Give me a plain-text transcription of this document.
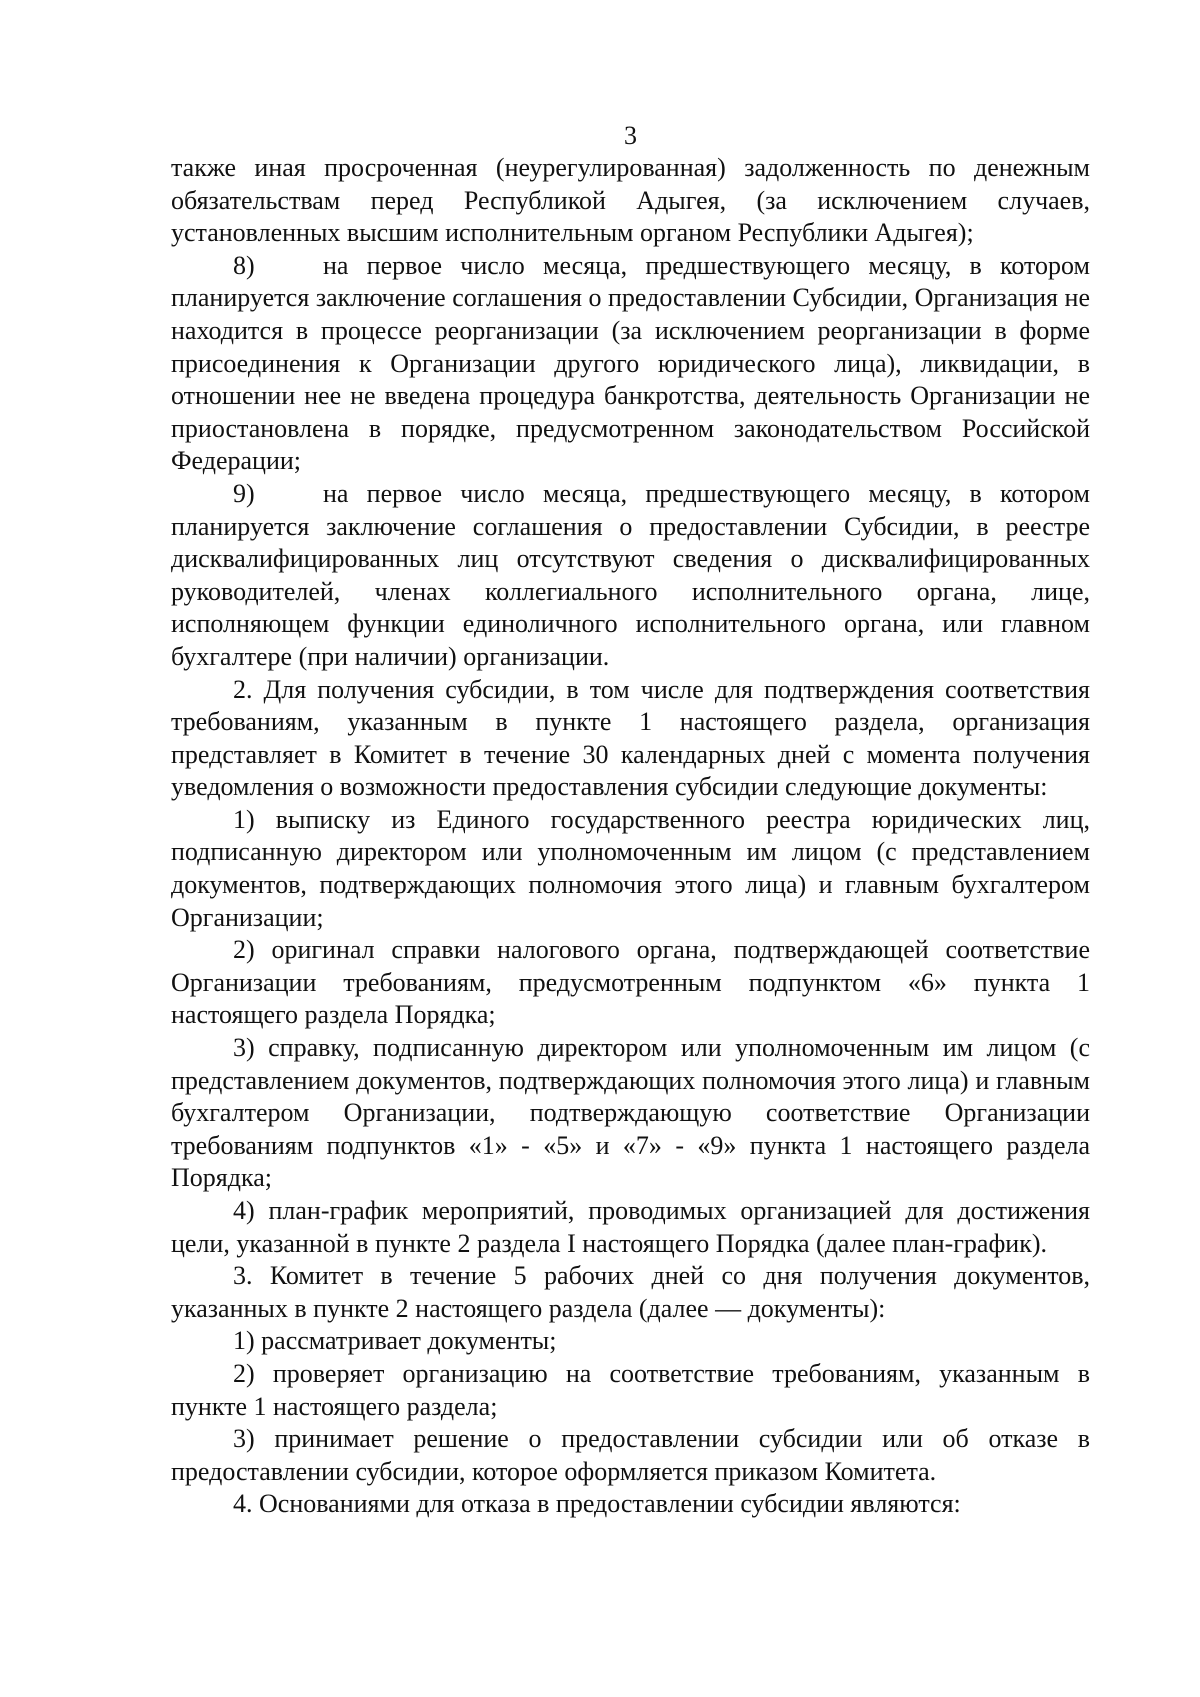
3

также иная просроченная (неурегулированная) задолженность по денежным обязательствам перед Республикой Адыгея, (за исключением случаев, установленных высшим исполнительным органом Республики Адыгея);

8)	на первое число месяца, предшествующего месяцу, в котором планируется заключение соглашения о предоставлении Субсидии, Организация не находится в процессе реорганизации (за исключением реорганизации в форме присоединения к Организации другого юридического лица), ликвидации, в отношении нее не введена процедура банкротства, деятельность Организации не приостановлена в порядке, предусмотренном законодательством Российской Федерации;

9)	на первое число месяца, предшествующего месяцу, в котором планируется заключение соглашения о предоставлении Субсидии, в реестре дисквалифицированных лиц отсутствуют сведения о дисквалифицированных руководителей, членах коллегиального исполнительного органа, лице, исполняющем функции единоличного исполнительного органа, или главном бухгалтере (при наличии) организации.

2. Для получения субсидии, в том числе для подтверждения соответствия требованиям, указанным в пункте 1 настоящего раздела, организация представляет в Комитет в течение 30 календарных дней с момента получения уведомления о возможности предоставления субсидии следующие документы:

1) выписку из Единого государственного реестра юридических лиц, подписанную директором или уполномоченным им лицом (с представлением документов, подтверждающих полномочия этого лица) и главным бухгалтером Организации;

2) оригинал справки налогового органа, подтверждающей соответствие Организации требованиям, предусмотренным подпунктом «6» пункта 1 настоящего раздела Порядка;

3) справку, подписанную директором или уполномоченным им лицом (с представлением документов, подтверждающих полномочия этого лица) и главным бухгалтером Организации, подтверждающую соответствие Организации требованиям подпунктов «1» - «5» и «7» - «9» пункта 1 настоящего раздела Порядка;

4) план-график мероприятий, проводимых организацией для достижения цели, указанной в пункте 2 раздела I настоящего Порядка (далее план-график).

3. Комитет в течение 5 рабочих дней со дня получения документов, указанных в пункте 2 настоящего раздела (далее — документы):

1) рассматривает документы;

2) проверяет организацию на соответствие требованиям, указанным в пункте 1 настоящего раздела;

3) принимает решение о предоставлении субсидии или об отказе в предоставлении субсидии, которое оформляется приказом Комитета.

4. Основаниями для отказа в предоставлении субсидии являются:
